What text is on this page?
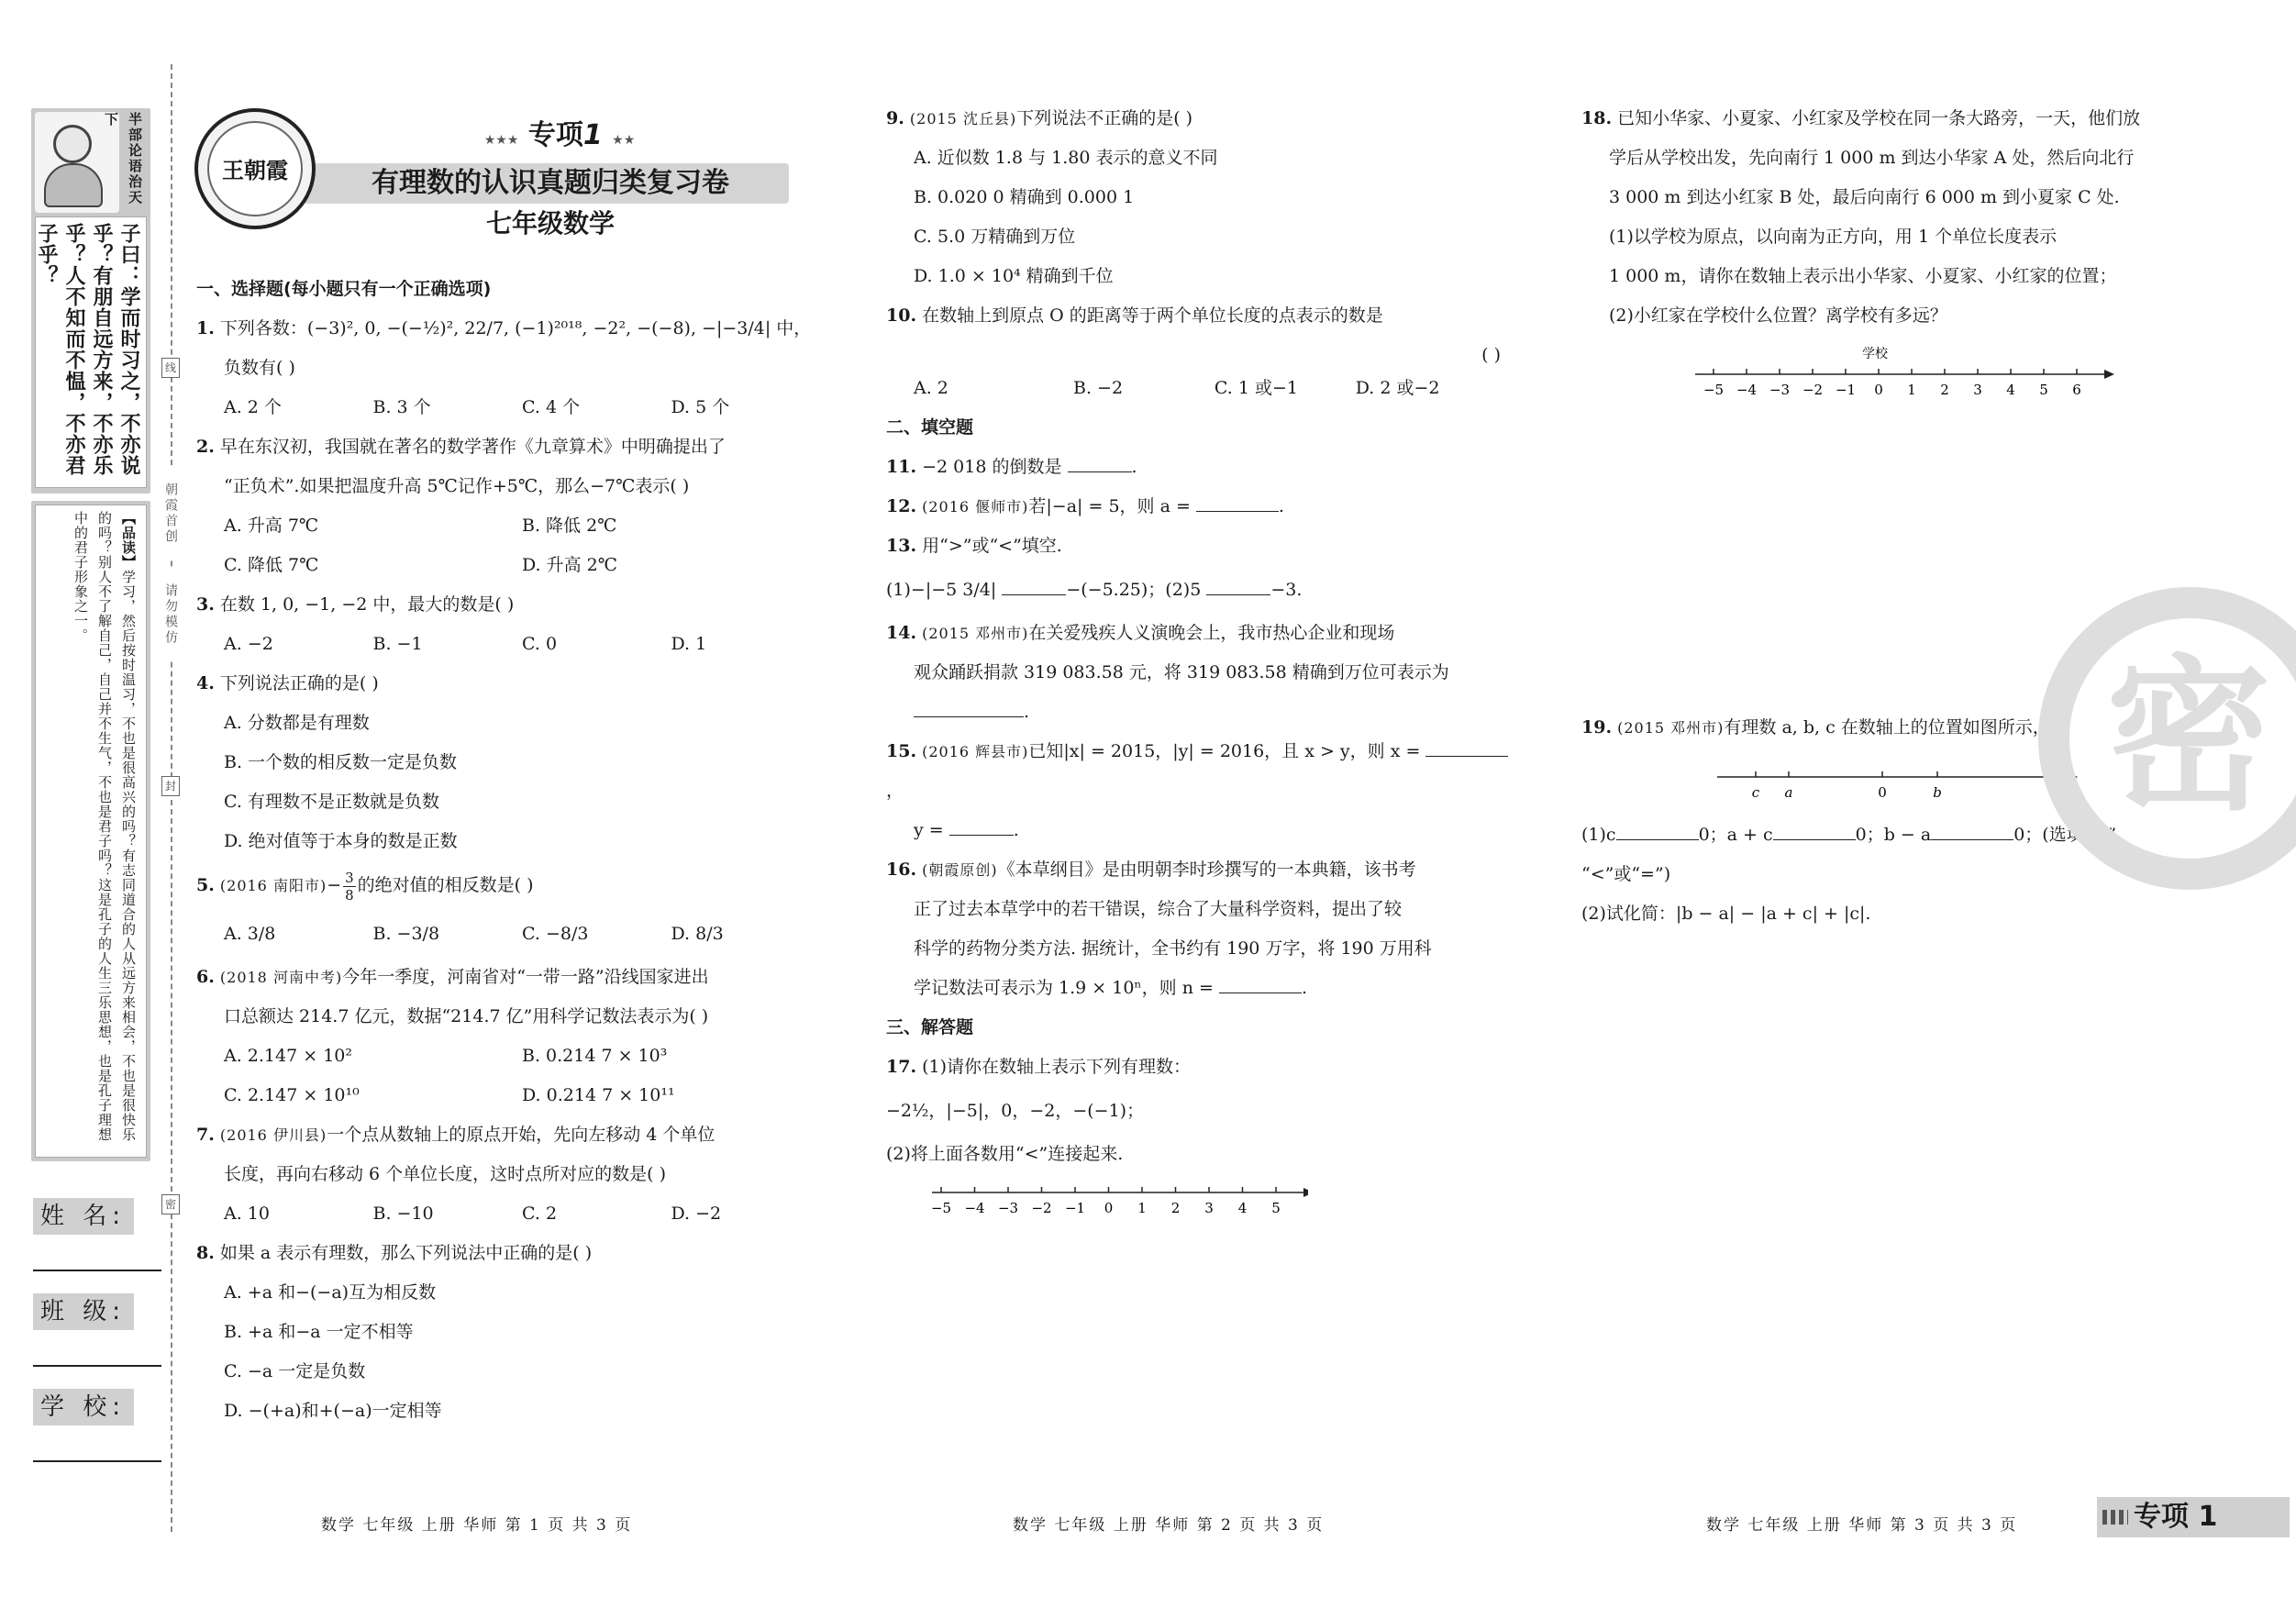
半部论语治天下
子曰：学而时习之，不亦说乎？有朋自远方来，不亦乐乎？人不知而不愠，不亦君子乎？
【品读】学习，然后按时温习，不也是很高兴的吗？有志同道合的人从远方来相会，不也是很快乐的吗？别人不了解自己，自己并不生气，不也是君子吗？这是孔子的人生三乐思想，也是孔子理想中的君子形象之一。
姓 名:
班 级:
学 校:
线
朝霞首创
请勿模仿
封
密
王朝霞
★★★ 专项1 ★★
有理数的认识真题归类复习卷
七年级数学
一、选择题(每小题只有一个正确选项)
1. 下列各数：(−3)², 0, −(−½)², 22/7, (−1)²⁰¹⁸, −2², −(−8), −|−3/4| 中，
负数有( )
A. 2 个	B. 3 个	C. 4 个	D. 5 个
2. 早在东汉初，我国就在著名的数学著作《九章算术》中明确提出了
“正负术”.如果把温度升高 5℃记作+5℃，那么−7℃表示( )
A. 升高 7℃	B. 降低 2℃
C. 降低 7℃	D. 升高 2℃
3. 在数 1, 0, −1, −2 中，最大的数是( )
A. −2	B. −1	C. 0	D. 1
4. 下列说法正确的是( )
A. 分数都是有理数
B. 一个数的相反数一定是负数
C. 有理数不是正数就是负数
D. 绝对值等于本身的数是正数
5. (2016 南阳市)− $\frac{3}{8}$ 的绝对值的相反数是( )
A. 3/8	B. −3/8	C. −8/3	D. 8/3
6. (2018 河南中考)今年一季度，河南省对“一带一路”沿线国家进出
口总额达 214.7 亿元，数据“214.7 亿”用科学记数法表示为( )
A. 2.147 × 10²	B. 0.214 7 × 10³
C. 2.147 × 10¹⁰	D. 0.214 7 × 10¹¹
7. (2016 伊川县)一个点从数轴上的原点开始，先向左移动 4 个单位
长度，再向右移动 6 个单位长度，这时点所对应的数是( )
A. 10	B. −10	C. 2	D. −2
8. 如果 a 表示有理数，那么下列说法中正确的是( )
A. +a 和−(−a)互为相反数
B. +a 和−a 一定不相等
C. −a 一定是负数
D. −(+a)和+(−a)一定相等
9. (2015 沈丘县)下列说法不正确的是( )
A. 近似数 1.8 与 1.80 表示的意义不同
B. 0.020 0 精确到 0.000 1
C. 5.0 万精确到万位
D. 1.0 × 10⁴ 精确到千位
10. 在数轴上到原点 O 的距离等于两个单位长度的点表示的数是
( )
A. 2	B. −2	C. 1 或−1	D. 2 或−2
二、填空题
11. −2 018 的倒数是	.
12. (2016 偃师市)若|−a| = 5，则 a =	.
13. 用“>”或“<”填空.
(1)−|−5 3/4|	−(−5.25)；(2)5	−3.
14. (2015 邓州市)在关爱残疾人义演晚会上，我市热心企业和现场
观众踊跃捐款 319 083.58 元，将 319 083.58 精确到万位可表示为
.
15. (2016 辉县市)已知|x| = 2015，|y| = 2016，且 x > y，则 x = ，
y =	.
16. (朝霞原创)《本草纲目》是由明朝李时珍撰写的一本典籍，该书考
正了过去本草学中的若干错误，综合了大量科学资料，提出了较
科学的药物分类方法. 据统计，全书约有 190 万字，将 190 万用科
学记数法可表示为 1.9 × 10ⁿ，则 n =	.
三、解答题
17. (1)请你在数轴上表示下列有理数：
−2½，|−5|，0，−2，−(−1)；
(2)将上面各数用“<”连接起来.
−5 −4 −3 −2 −1 0 1 2 3 4 5
18. 已知小华家、小夏家、小红家及学校在同一条大路旁，一天，他们放
学后从学校出发，先向南行 1 000 m 到达小华家 A 处，然后向北行
3 000 m 到达小红家 B 处，最后向南行 6 000 m 到小夏家 C 处.
(1)以学校为原点，以向南为正方向，用 1 个单位长度表示
1 000 m，请你在数轴上表示出小华家、小夏家、小红家的位置；
(2)小红家在学校什么位置？离学校有多远？
学校
−5 −4 −3 −2 −1 0 1 2 3 4 5 6
19. (2015 邓州市)有理数 a, b, c 在数轴上的位置如图所示，
c a	0	b
(1)c	0；a + c	0；b − a	0；(选填“>”
“<”或“=”)
(2)试化简：|b − a| − |a + c| + |c|.
密
数学 七年级 上册 华师 第 1 页 共 3 页	数学 七年级 上册 华师 第 2 页 共 3 页	数学 七年级 上册 华师 第 3 页 共 3 页	专项 1
